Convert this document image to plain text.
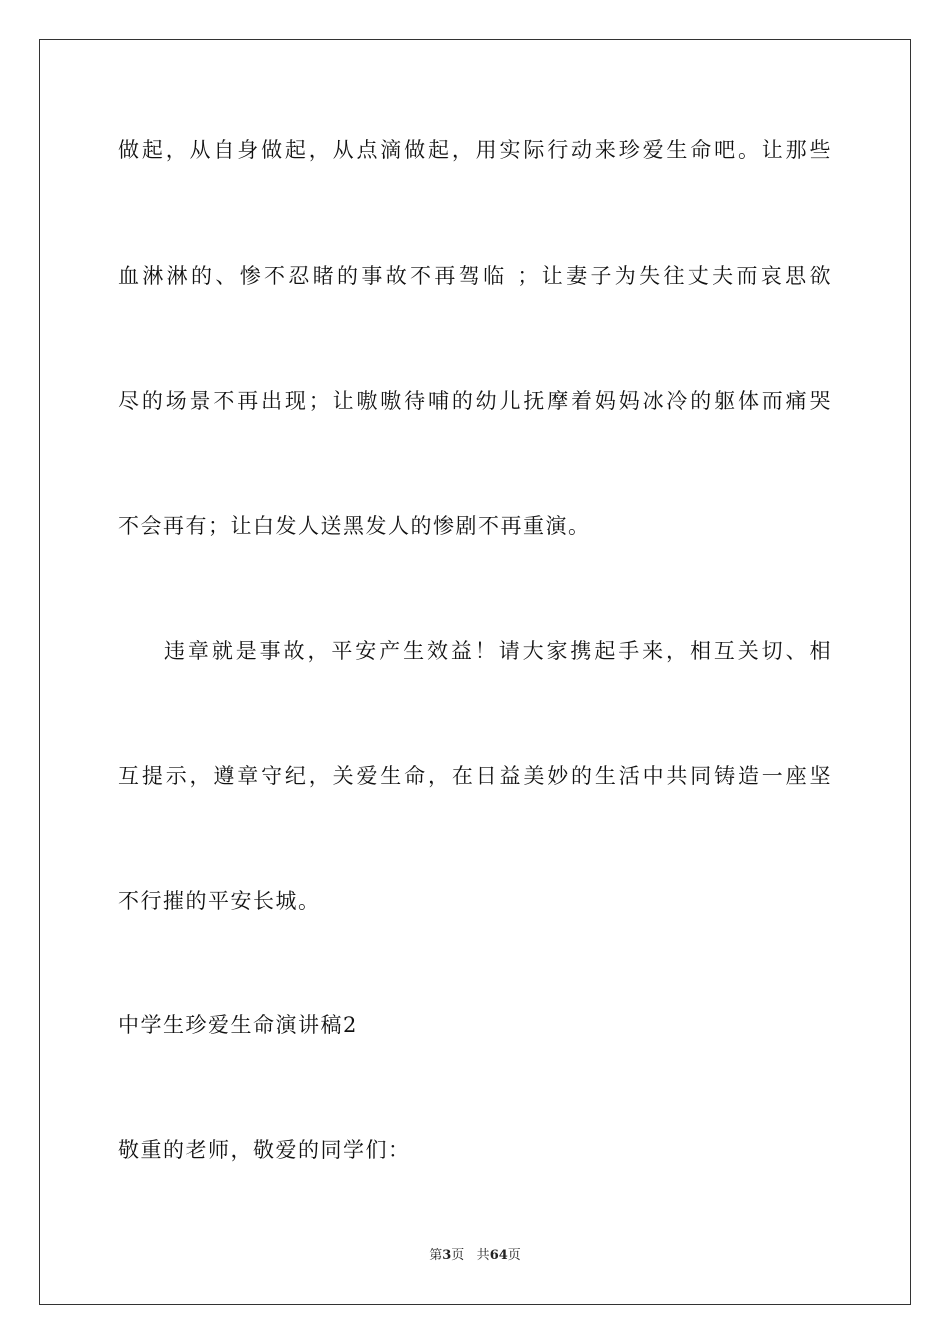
做起，从自身做起，从点滴做起，用实际行动来珍爱生命吧。让那些
血淋淋的、惨不忍睹的事故不再驾临 ；让妻子为失往丈夫而哀思欲
尽的场景不再出现；让嗷嗷待哺的幼儿抚摩着妈妈冰冷的躯体而痛哭
不会再有；让白发人送黑发人的惨剧不再重演。
违章就是事故，平安产生效益！请大家携起手来，相互关切、相
互提示，遵章守纪，关爱生命，在日益美妙的生活中共同铸造一座坚
不行摧的平安长城。
中学生珍爱生命演讲稿2
敬重的老师，敬爱的同学们：
第3页 共64页
